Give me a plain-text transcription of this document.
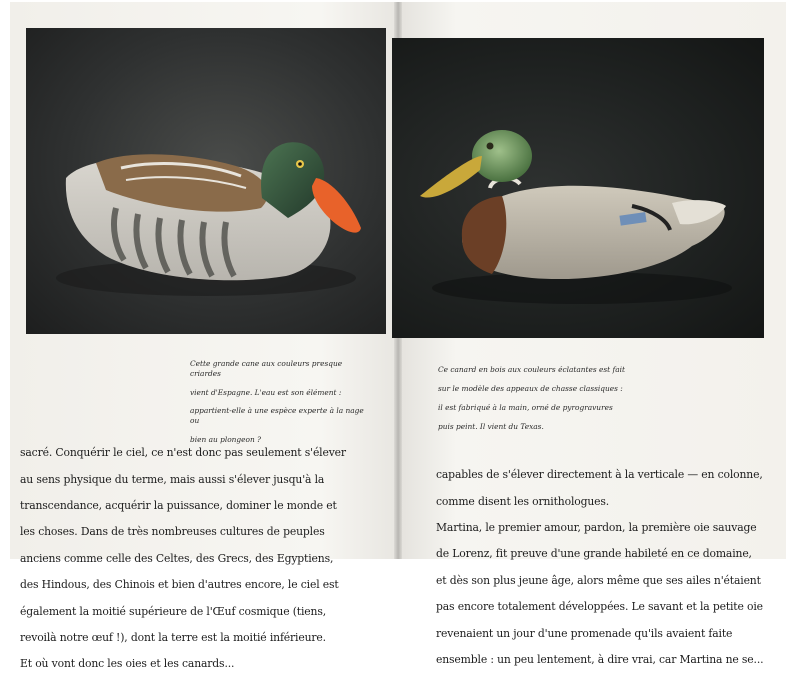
Cette grande cane aux couleurs presque criardes

vient d'Espagne. L'eau est son élément :

appartient-elle à une espèce experte à la nage ou

bien au plongeon ?

Ce canard en bois aux couleurs éclatantes est fait

sur le modèle des appeaux de chasse classiques :

il est fabriqué à la main, orné de pyrogravures

puis peint. Il vient du Texas.

sacré. Conquérir le ciel, ce n'est donc pas seulement s'élever

au sens physique du terme, mais aussi s'élever jusqu'à la

transcendance, acquérir la puissance, dominer le monde et

les choses. Dans de très nombreuses cultures de peuples

anciens comme celle des Celtes, des Grecs, des Egyptiens,

des Hindous, des Chinois et bien d'autres encore, le ciel est

également la moitié supérieure de l'Œuf cosmique (tiens,

revoilà notre œuf !), dont la terre est la moitié inférieure.

Et où vont donc les oies et les canards...

capables de s'élever directement à la verticale — en colonne,

comme disent les ornithologues.

Martina, le premier amour, pardon, la première oie sauvage

de Lorenz, fit preuve d'une grande habileté en ce domaine,

et dès son plus jeune âge, alors même que ses ailes n'étaient

pas encore totalement développées. Le savant et la petite oie

revenaient un jour d'une promenade qu'ils avaient faite

ensemble : un peu lentement, à dire vrai, car Martina ne se...
